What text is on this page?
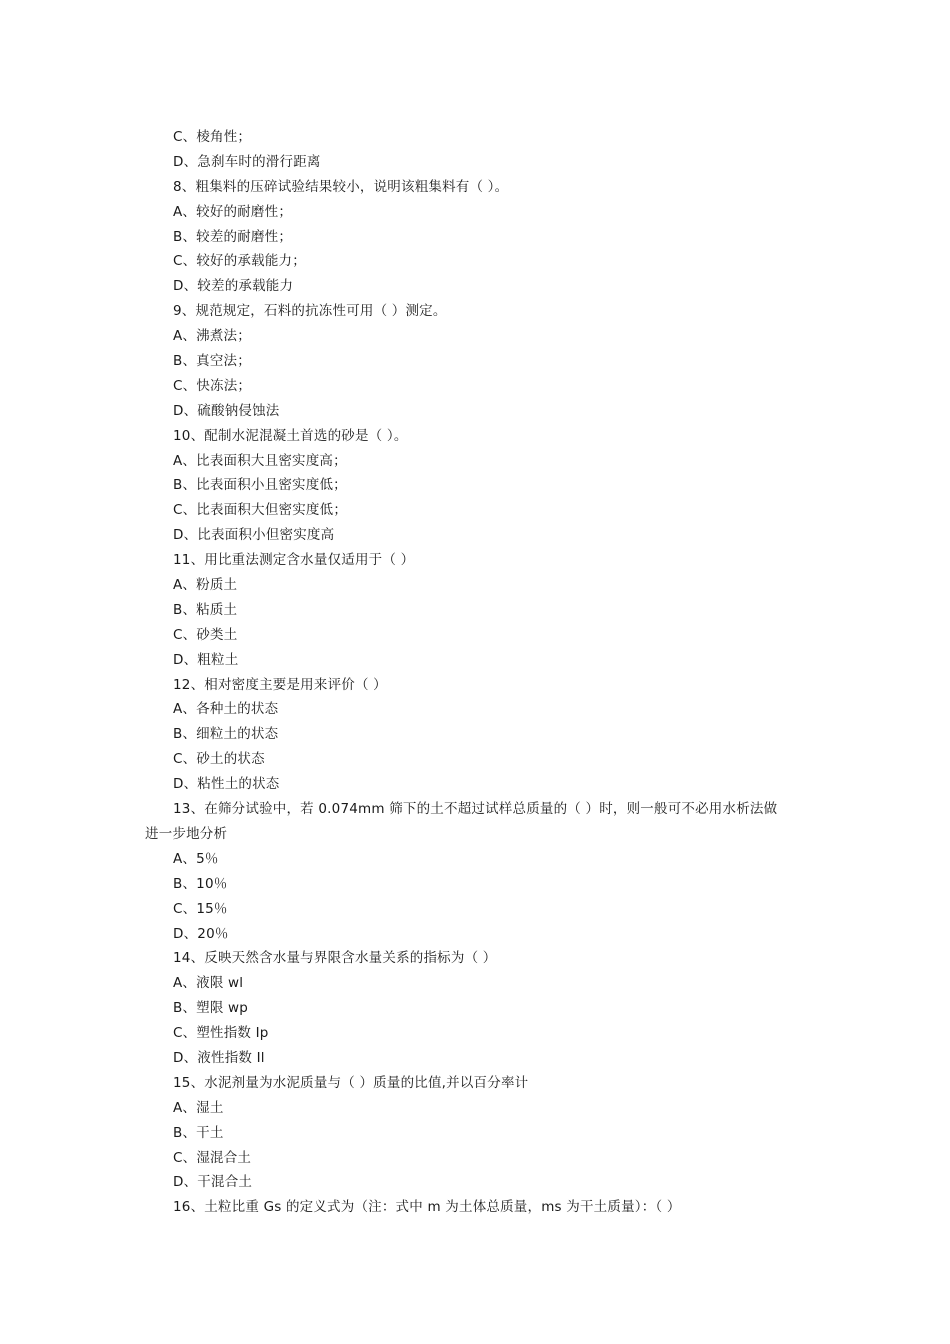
C、棱角性；
D、急刹车时的滑行距离
8、粗集料的压碎试验结果较小，说明该粗集料有（ ）。
A、较好的耐磨性；
B、较差的耐磨性；
C、较好的承载能力；
D、较差的承载能力
9、规范规定，石料的抗冻性可用（ ）测定。
A、沸煮法；
B、真空法；
C、快冻法；
D、硫酸钠侵蚀法
10、配制水泥混凝土首选的砂是（ ）。
A、比表面积大且密实度高；
B、比表面积小且密实度低；
C、比表面积大但密实度低；
D、比表面积小但密实度高
11、用比重法测定含水量仅适用于（ ）
A、粉质土
B、粘质土
C、砂类土
D、粗粒土
12、相对密度主要是用来评价（ ）
A、各种土的状态
B、细粒土的状态
C、砂土的状态
D、粘性土的状态
13、在筛分试验中，若 0.074mm 筛下的土不超过试样总质量的（ ）时，则一般可不必用水析法做
进一步地分析
A、5％
B、10％
C、15％
D、20％
14、反映天然含水量与界限含水量关系的指标为（ ）
A、液限 wl
B、塑限 wp
C、塑性指数 Ip
D、液性指数 Il
15、水泥剂量为水泥质量与（ ）质量的比值,并以百分率计
A、湿土
B、干土
C、湿混合土
D、干混合土
16、土粒比重 Gs 的定义式为（注：式中 m 为土体总质量，ms 为干土质量）：（ ）
